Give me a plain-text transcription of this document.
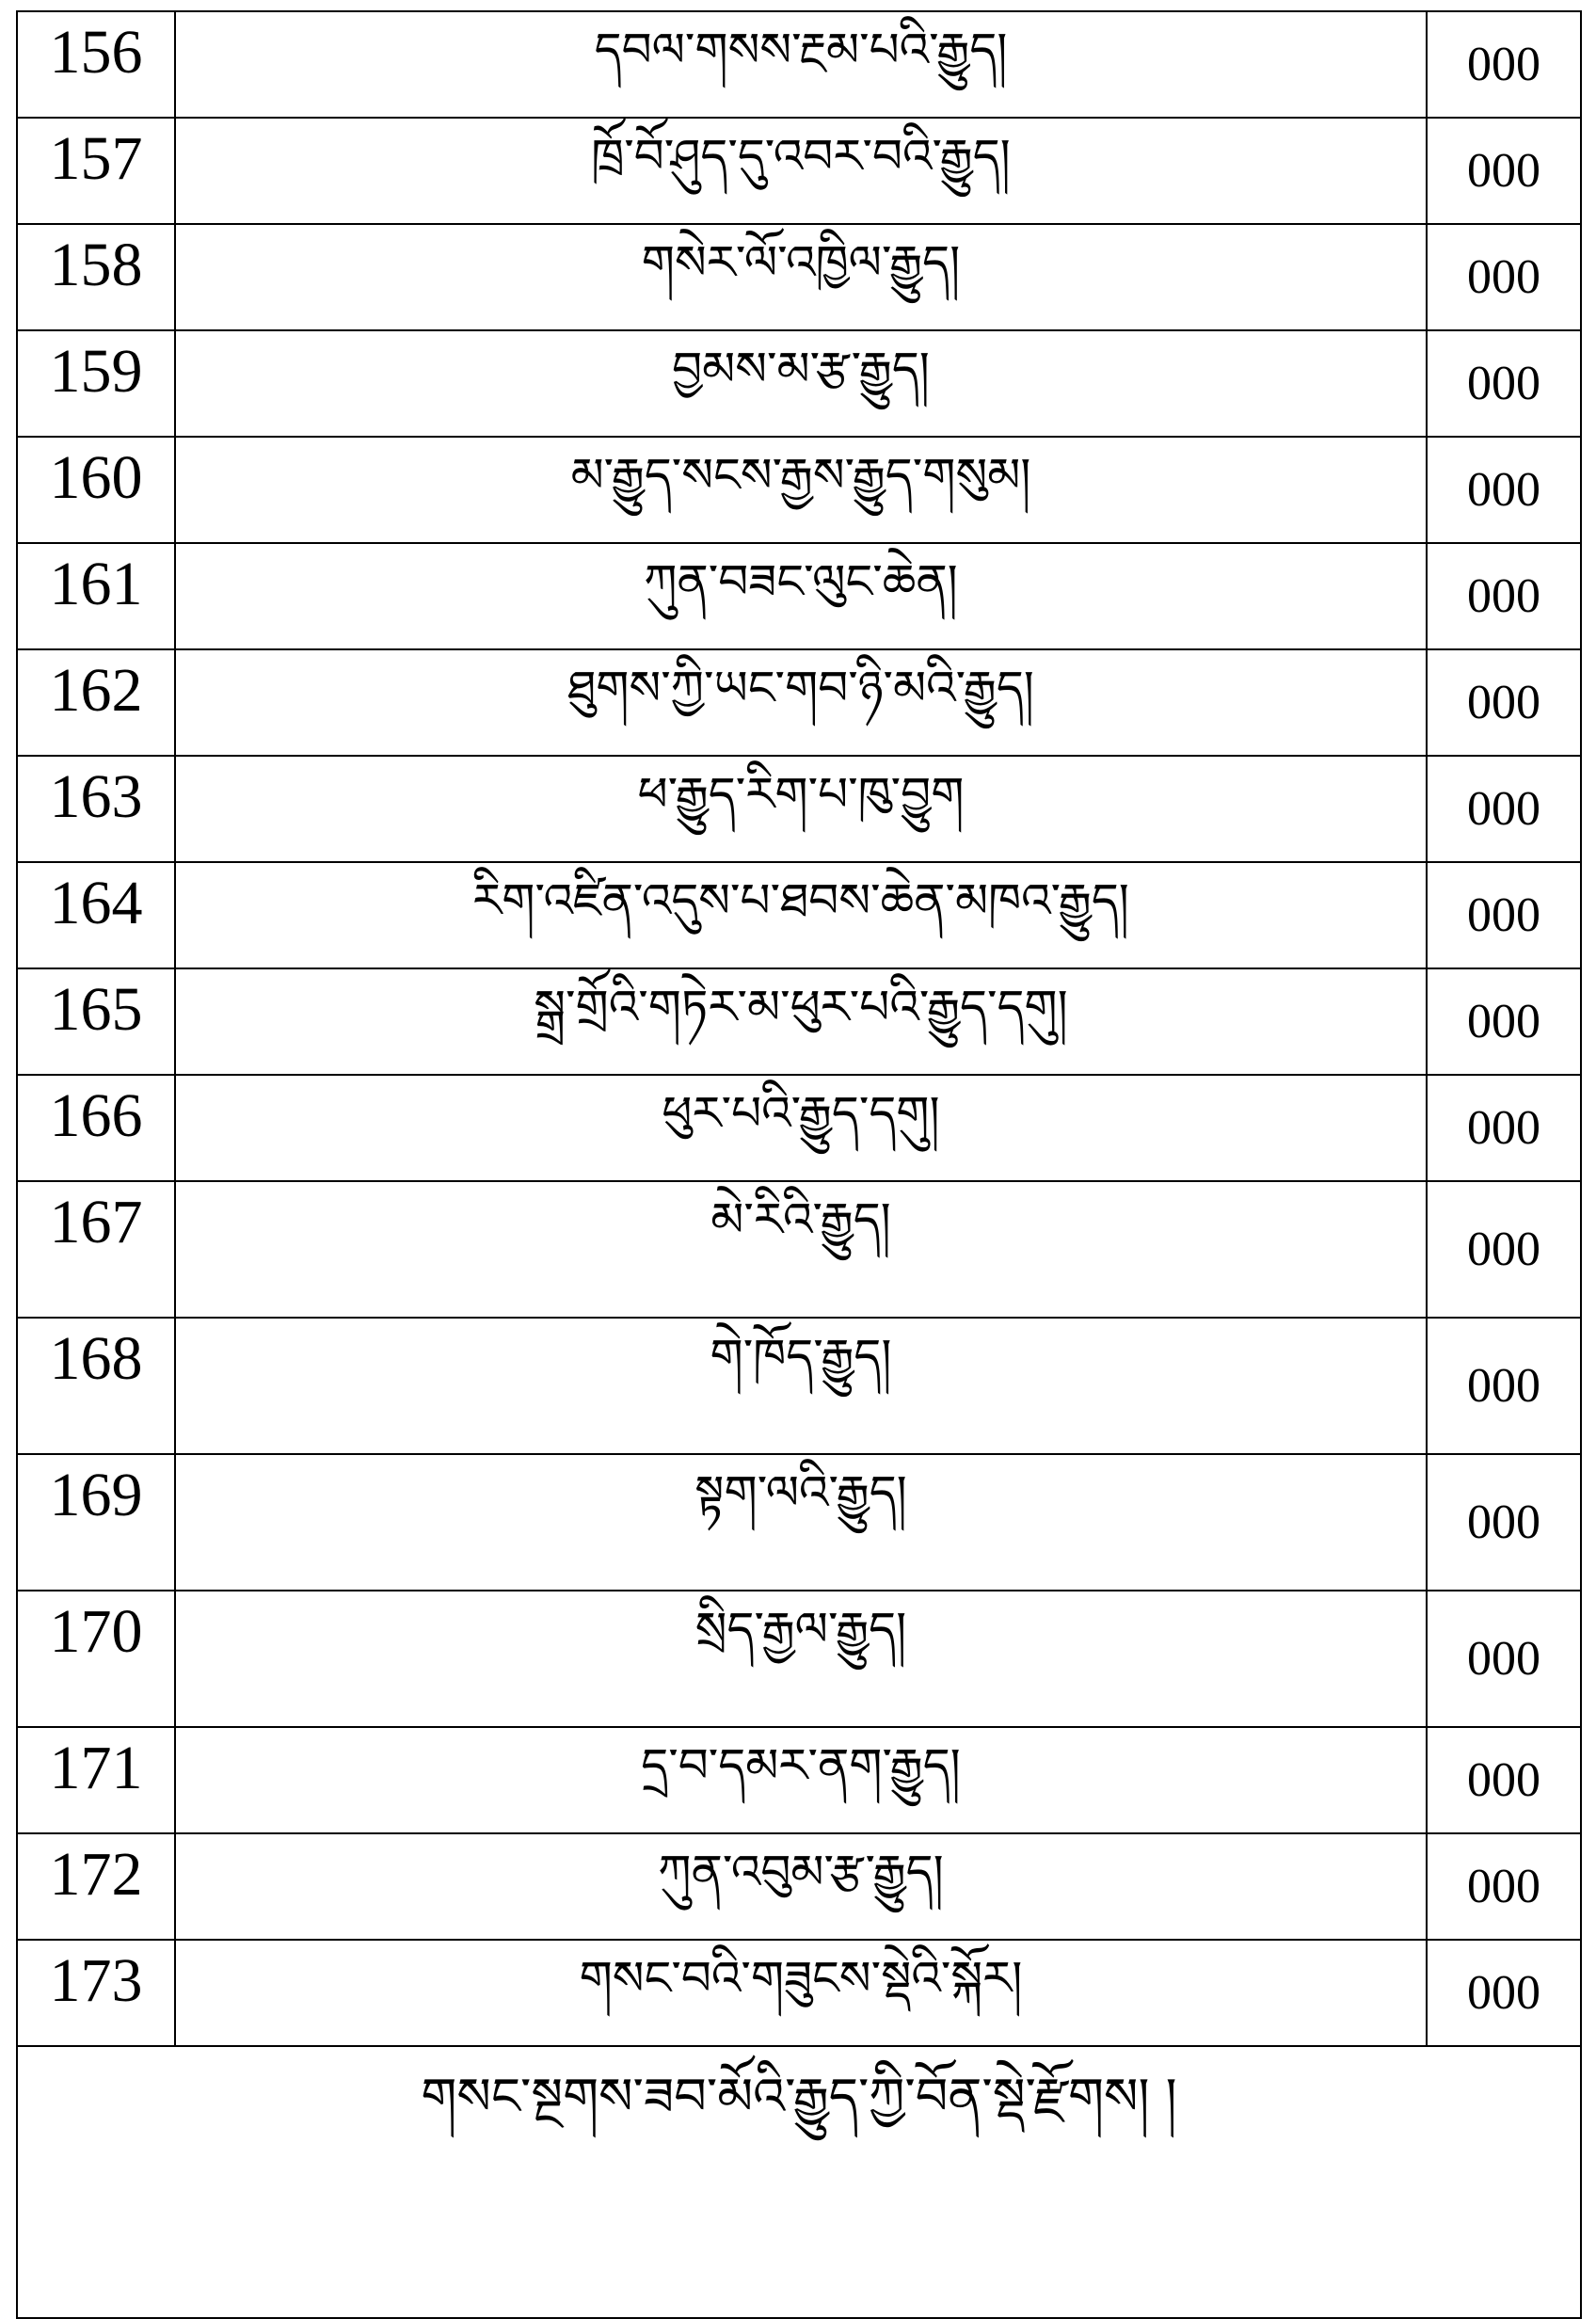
156	དབལ་གསས་རྔམ་པའི་རྒྱུད།	000
157	ཁྲོ་བོ་ཤུད་དུ་འབར་བའི་རྒྱུད།	000
158	གསེར་ལོ་འཁྱིལ་རྒྱུད།	000
159	བྱམས་མ་རྩ་རྒྱུད།	000
160	མ་རྒྱུད་སངས་རྒྱས་རྒྱུད་གསུམ།	000
161	ཀུན་བཟང་ལུང་ཆེན།	000
162	ཐུགས་ཀྱི་ཡང་གབ་ཉི་མའི་རྒྱུད།	000
163	ཕ་རྒྱུད་རིག་པ་ཁུ་བྱུག	000
164	རིག་འཛིན་འདུས་པ་ཐབས་ཆེན་མཁའ་རྒྱུད།	000
165	སྒྲ་གྲོའི་གཏེར་མ་ཕུར་པའི་རྒྱུད་དགུ།	000
166	ཕུར་པའི་རྒྱུད་དགུ།	000
167	མེ་རིའི་རྒྱུད།	000
168	གེ་ཁོད་རྒྱུད།	000
169	སྟག་ལའི་རྒྱུད།	000
170	སྲིད་རྒྱལ་རྒྱུད།	000
171	དྲ་བ་དམར་ནག་རྒྱུད།	000
172	ཀུན་འབུམ་རྩ་རྒྱུད།	000
173	གསང་བའི་གཟུངས་སྡེའི་སྐོར།	000
གསང་སྔགས་ཟབ་མོའི་རྒྱུད་ཀྱི་བོན་སྡེ་རྫོགས། །		
